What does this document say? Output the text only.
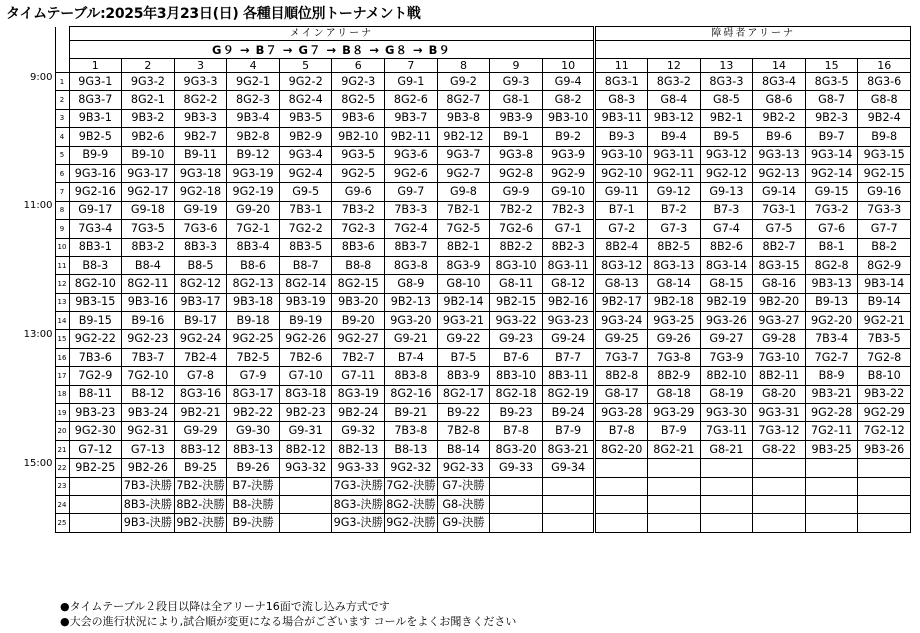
タイムテーブル:2025年3月23日(日) 各種目順位別トーナメント戦
		メインアリーナ										障碍者アリーナ					
		G９ → B７ → G７ → B８ → G８ → B９															
		1	2	3	4	5	6	7	8	9	10	11	12	13	14	15	16
9:00	1	9G3-1	9G3-2	9G3-3	9G2-1	9G2-2	9G2-3	G9-1	G9-2	G9-3	G9-4	8G3-1	8G3-2	8G3-3	8G3-4	8G3-5	8G3-6
	2	8G3-7	8G2-1	8G2-2	8G2-3	8G2-4	8G2-5	8G2-6	8G2-7	G8-1	G8-2	G8-3	G8-4	G8-5	G8-6	G8-7	G8-8
	3	9B3-1	9B3-2	9B3-3	9B3-4	9B3-5	9B3-6	9B3-7	9B3-8	9B3-9	9B3-10	9B3-11	9B3-12	9B2-1	9B2-2	9B2-3	9B2-4
	4	9B2-5	9B2-6	9B2-7	9B2-8	9B2-9	9B2-10	9B2-11	9B2-12	B9-1	B9-2	B9-3	B9-4	B9-5	B9-6	B9-7	B9-8
	5	B9-9	B9-10	B9-11	B9-12	9G3-4	9G3-5	9G3-6	9G3-7	9G3-8	9G3-9	9G3-10	9G3-11	9G3-12	9G3-13	9G3-14	9G3-15
	6	9G3-16	9G3-17	9G3-18	9G3-19	9G2-4	9G2-5	9G2-6	9G2-7	9G2-8	9G2-9	9G2-10	9G2-11	9G2-12	9G2-13	9G2-14	9G2-15
	7	9G2-16	9G2-17	9G2-18	9G2-19	G9-5	G9-6	G9-7	G9-8	G9-9	G9-10	G9-11	G9-12	G9-13	G9-14	G9-15	G9-16
11:00	8	G9-17	G9-18	G9-19	G9-20	7B3-1	7B3-2	7B3-3	7B2-1	7B2-2	7B2-3	B7-1	B7-2	B7-3	7G3-1	7G3-2	7G3-3
	9	7G3-4	7G3-5	7G3-6	7G2-1	7G2-2	7G2-3	7G2-4	7G2-5	7G2-6	G7-1	G7-2	G7-3	G7-4	G7-5	G7-6	G7-7
	10	8B3-1	8B3-2	8B3-3	8B3-4	8B3-5	8B3-6	8B3-7	8B2-1	8B2-2	8B2-3	8B2-4	8B2-5	8B2-6	8B2-7	B8-1	B8-2
	11	B8-3	B8-4	B8-5	B8-6	B8-7	B8-8	8G3-8	8G3-9	8G3-10	8G3-11	8G3-12	8G3-13	8G3-14	8G3-15	8G2-8	8G2-9
	12	8G2-10	8G2-11	8G2-12	8G2-13	8G2-14	8G2-15	G8-9	G8-10	G8-11	G8-12	G8-13	G8-14	G8-15	G8-16	9B3-13	9B3-14
	13	9B3-15	9B3-16	9B3-17	9B3-18	9B3-19	9B3-20	9B2-13	9B2-14	9B2-15	9B2-16	9B2-17	9B2-18	9B2-19	9B2-20	B9-13	B9-14
	14	B9-15	B9-16	B9-17	B9-18	B9-19	B9-20	9G3-20	9G3-21	9G3-22	9G3-23	9G3-24	9G3-25	9G3-26	9G3-27	9G2-20	9G2-21
13:00	15	9G2-22	9G2-23	9G2-24	9G2-25	9G2-26	9G2-27	G9-21	G9-22	G9-23	G9-24	G9-25	G9-26	G9-27	G9-28	7B3-4	7B3-5
	16	7B3-6	7B3-7	7B2-4	7B2-5	7B2-6	7B2-7	B7-4	B7-5	B7-6	B7-7	7G3-7	7G3-8	7G3-9	7G3-10	7G2-7	7G2-8
	17	7G2-9	7G2-10	G7-8	G7-9	G7-10	G7-11	8B3-8	8B3-9	8B3-10	8B3-11	8B2-8	8B2-9	8B2-10	8B2-11	B8-9	B8-10
	18	B8-11	B8-12	8G3-16	8G3-17	8G3-18	8G3-19	8G2-16	8G2-17	8G2-18	8G2-19	G8-17	G8-18	G8-19	G8-20	9B3-21	9B3-22
	19	9B3-23	9B3-24	9B2-21	9B2-22	9B2-23	9B2-24	B9-21	B9-22	B9-23	B9-24	9G3-28	9G3-29	9G3-30	9G3-31	9G2-28	9G2-29
	20	9G2-30	9G2-31	G9-29	G9-30	G9-31	G9-32	7B3-8	7B2-8	B7-8	B7-9	B7-8	B7-9	7G3-11	7G3-12	7G2-11	7G2-12
	21	G7-12	G7-13	8B3-12	8B3-13	8B2-12	8B2-13	B8-13	B8-14	8G3-20	8G3-21	8G2-20	8G2-21	G8-21	G8-22	9B3-25	9B3-26
15:00	22	9B2-25	9B2-26	B9-25	B9-26	9G3-32	9G3-33	9G2-32	9G2-33	G9-33	G9-34						
	23		7B3-決勝	7B2-決勝	B7-決勝		7G3-決勝	7G2-決勝	G7-決勝								
	24		8B3-決勝	8B2-決勝	B8-決勝		8G3-決勝	8G2-決勝	G8-決勝								
	25		9B3-決勝	9B2-決勝	B9-決勝		9G3-決勝	9G2-決勝	G9-決勝								
●タイムテーブル２段目以降は全アリーナ16面で流し込み方式です
●大会の進行状況により,試合順が変更になる場合がございます コールをよくお聞きください
